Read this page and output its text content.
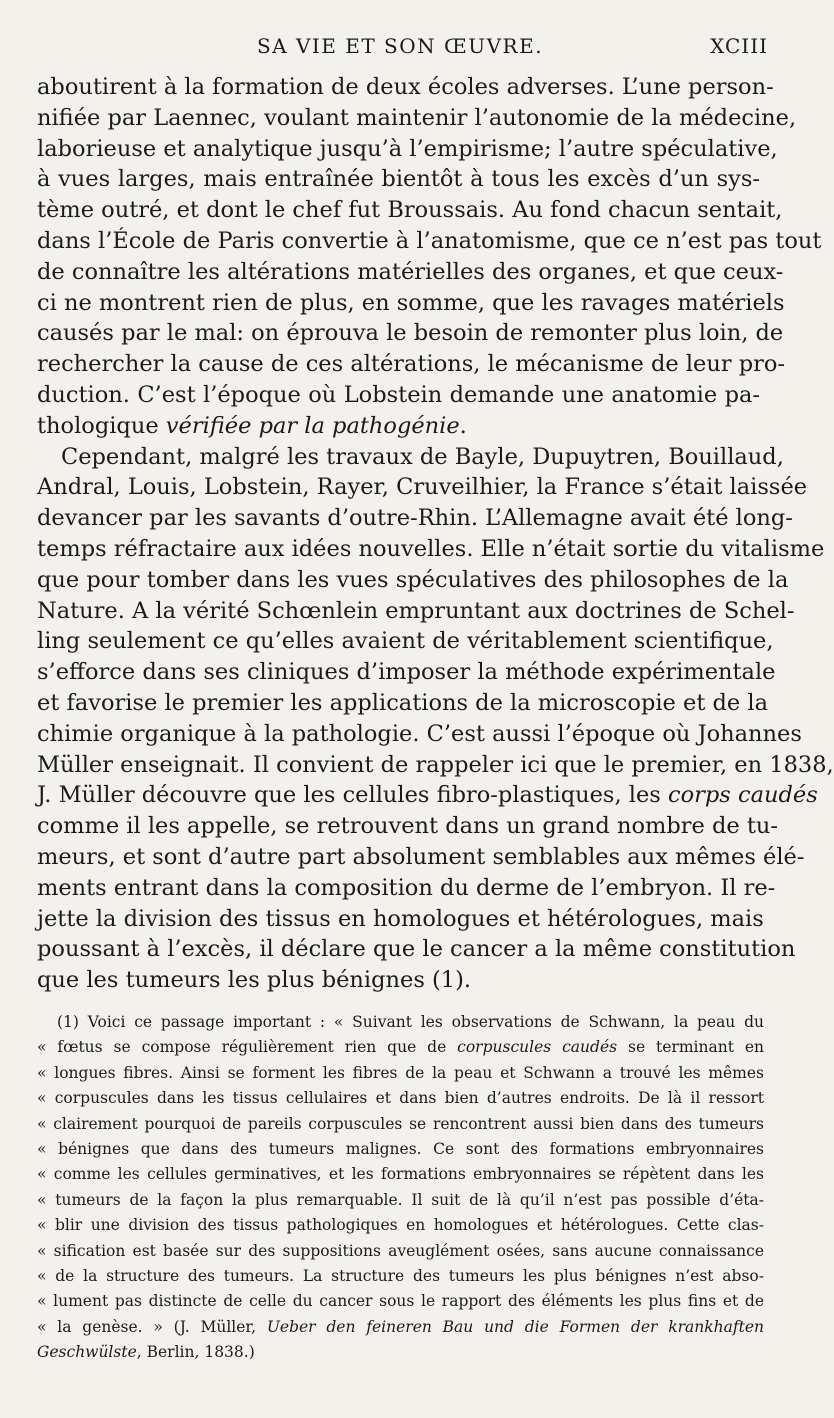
SA VIE ET SON ŒUVRE.	XCIII
aboutirent à la formation de deux écoles adverses. L’une person-
nifiée par Laennec, voulant maintenir l’autonomie de la médecine,
laborieuse et analytique jusqu’à l’empirisme; l’autre spéculative,
à vues larges, mais entraînée bientôt à tous les excès d’un sys-
tème outré, et dont le chef fut Broussais. Au fond chacun sentait,
dans l’École de Paris convertie à l’anatomisme, que ce n’est pas tout
de connaître les altérations matérielles des organes, et que ceux-
ci ne montrent rien de plus, en somme, que les ravages matériels
causés par le mal: on éprouva le besoin de remonter plus loin, de
rechercher la cause de ces altérations, le mécanisme de leur pro-
duction. C’est l’époque où Lobstein demande une anatomie pa-
thologique vérifiée par la pathogénie.
Cependant, malgré les travaux de Bayle, Dupuytren, Bouillaud,
Andral, Louis, Lobstein, Rayer, Cruveilhier, la France s’était laissée
devancer par les savants d’outre-Rhin. L’Allemagne avait été long-
temps réfractaire aux idées nouvelles. Elle n’était sortie du vitalisme
que pour tomber dans les vues spéculatives des philosophes de la
Nature. A la vérité Schœnlein empruntant aux doctrines de Schel-
ling seulement ce qu’elles avaient de véritablement scientifique,
s’efforce dans ses cliniques d’imposer la méthode expérimentale
et favorise le premier les applications de la microscopie et de la
chimie organique à la pathologie. C’est aussi l’époque où Johannes
Müller enseignait. Il convient de rappeler ici que le premier, en 1838,
J. Müller découvre que les cellules fibro-plastiques, les corps caudés
comme il les appelle, se retrouvent dans un grand nombre de tu-
meurs, et sont d’autre part absolument semblables aux mêmes élé-
ments entrant dans la composition du derme de l’embryon. Il re-
jette la division des tissus en homologues et hétérologues, mais
poussant à l’excès, il déclare que le cancer a la même constitution
que les tumeurs les plus bénignes (1).
(1) Voici ce passage important : « Suivant les observations de Schwann, la peau du
« fœtus se compose régulièrement rien que de corpuscules caudés se terminant en
« longues fibres. Ainsi se forment les fibres de la peau et Schwann a trouvé les mêmes
« corpuscules dans les tissus cellulaires et dans bien d’autres endroits. De là il ressort
« clairement pourquoi de pareils corpuscules se rencontrent aussi bien dans des tumeurs
« bénignes que dans des tumeurs malignes. Ce sont des formations embryonnaires
« comme les cellules germinatives, et les formations embryonnaires se répètent dans les
« tumeurs de la façon la plus remarquable. Il suit de là qu’il n’est pas possible d’éta-
« blir une division des tissus pathologiques en homologues et hétérologues. Cette clas-
« sification est basée sur des suppositions aveuglément osées, sans aucune connaissance
« de la structure des tumeurs. La structure des tumeurs les plus bénignes n’est abso-
« lument pas distincte de celle du cancer sous le rapport des éléments les plus fins et de
« la genèse. » (J. Müller, Ueber den feineren Bau und die Formen der krankhaften
Geschwülste, Berlin, 1838.)
